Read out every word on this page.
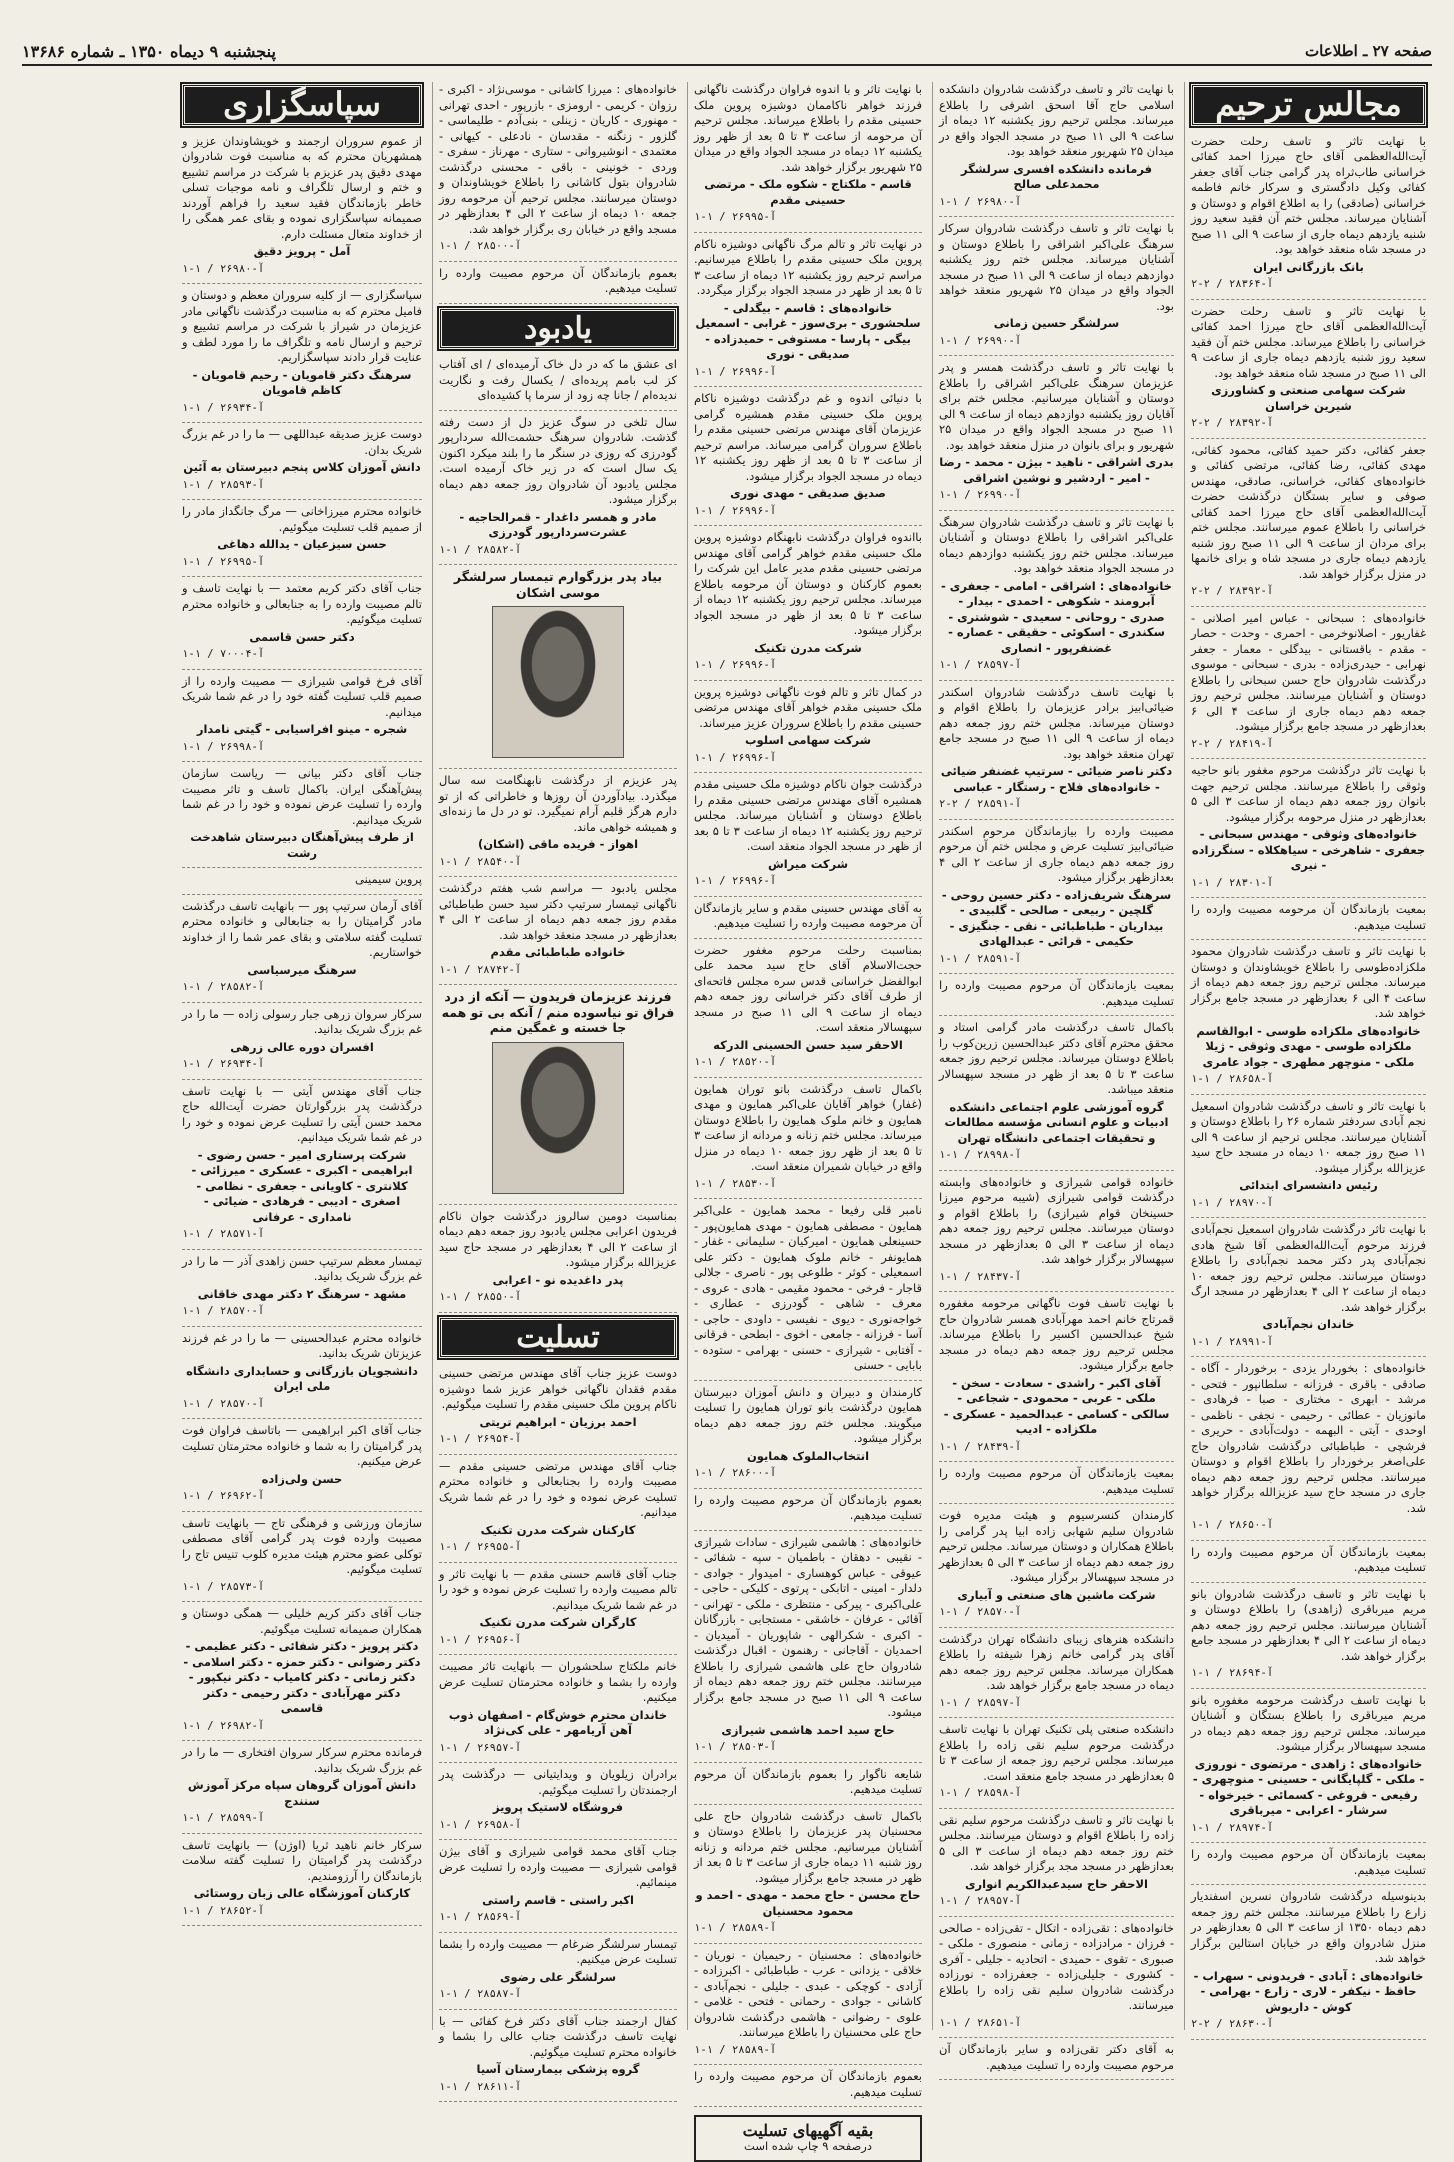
صفحه ۲۷ ـ اطلاعات
پنجشنبه ۹ دیماه ۱۳۵۰ ـ شماره ۱۳۶۸۶
مجالس ترحیم

با نهایت تاثر و تاسف رحلت حضرت آیت‌الله‌العظمی آقای حاج میرزا احمد کفائی خراسانی طاب‌ثراه پدر گرامی جناب آقای جعفر کفائی وکیل دادگستری و سرکار خانم فاطمه خراسانی (صادقی) را به اطلاع اقوام و دوستان و آشنایان میرساند. مجلس ختم آن فقید سعید روز شنبه یازدهم دیماه جاری از ساعت ۹ الی ۱۱ صبح در مسجد شاه منعقد خواهد بود.

بانک بازرگانی ایران

۲-۲ / آ-۲۸۳۶۴

با نهایت تاثر و تاسف رحلت حضرت آیت‌الله‌العظمی آقای حاج میرزا احمد کفائی خراسانی را باطلاع میرساند. مجلس ختم آن فقید سعید روز شنبه یازدهم دیماه جاری از ساعت ۹ الی ۱۱ صبح در مسجد شاه منعقد خواهد بود.

شرکت سهامی صنعتی و کشاورزی شیرین خراسان

۲-۲ / آ-۲۸۳۹۲

جعفر کفائی، دکتر حمید کفائی، محمود کفائی، مهدی کفائی، رضا کفائی، مرتضی کفائی و خانواده‌های کفائی، خراسانی، صادقی، مهندس صوفی و سایر بستگان درگذشت حضرت آیت‌الله‌العظمی آقای حاج میرزا احمد کفائی خراسانی را باطلاع عموم میرسانند. مجلس ختم برای مردان از ساعت ۹ الی ۱۱ صبح روز شنبه یازدهم دیماه جاری در مسجد شاه و برای خانمها در منزل برگزار خواهد شد.

۲-۲ / آ-۲۸۳۹۲

خانواده‌های : سبحانی - عباس امیر اصلانی - غفاریور - اصلانوخرمی - احمری - وحدت - حصار - مقدم - باقستانی - بیدگلی - معمار - جعفر نهرابی - حیدری‌زاده - بدری - سبحانی - موسوی درگذشت شادروان حاج حسن سبحانی را باطلاع دوستان و آشنایان میرسانند. مجلس ترحیم روز جمعه دهم دیماه جاری از ساعت ۴ الی ۶ بعدازظهر در مسجد جامع برگزار میشود.

۲-۲ / آ-۲۸۴۱۹

با نهایت تاثر درگذشت مرحوم مغفور بانو حاجیه وثوقی را باطلاع میرسانند. مجلس ترحیم جهت بانوان روز جمعه دهم دیماه از ساعت ۳ الی ۵ بعدازظهر در منزل مرحومه برگزار میشود.

خانواده‌های وثوقی - مهندس سبحانی - جعفری - شاهرخی - سیاهکلاه - سنگرزاده - نیری

۱-۱ / آ-۲۸۳۰۱

بمعیت بازماندگان آن مرحومه مصیبت وارده را تسلیت میدهیم.

با نهایت تاثر و تاسف درگذشت شادروان محمود ملکزاده‌طوسی را باطلاع خویشاوندان و دوستان میرساند. مجلس ترحیم روز جمعه دهم دیماه از ساعت ۴ الی ۶ بعدازظهر در مسجد جامع برگزار خواهد شد.

خانواده‌های ملکزاده طوسی - ابوالقاسم ملکزاده طوسی - مهدی وثوقی - ژیلا ملکی - منوچهر مطهری - جواد عامری

۱-۱ / آ-۲۸۶۵۸

با نهایت تاثر و تاسف درگذشت شادروان اسمعیل نجم آبادی سردفتر شماره ۲۶ را باطلاع دوستان و آشنایان میرسانند. مجلس ترحیم از ساعت ۹ الی ۱۱ صبح روز جمعه ۱۰ دیماه در مسجد حاج سید عزیزالله برگزار میشود.

رئیس دانشسرای ابتدائی

۱-۱ / آ-۲۸۹۷۰

با نهایت تاثر درگذشت شادروان اسمعیل نجم‌آبادی فرزند مرحوم آیت‌الله‌العظمی آقا شیخ هادی نجم‌آبادی پدر دکتر محمد نجم‌آبادی را باطلاع دوستان میرسانند. مجلس ترحیم روز جمعه ۱۰ دیماه از ساعت ۲ الی ۴ بعدازظهر در مسجد ارگ برگزار خواهد شد.

خاندان نجم‌آبادی

۱-۱ / آ-۲۸۹۹۱

خانواده‌های : بخوردار یزدی - برخوردار - آگاه - صادقی - باقری - فرزانه - سلطانپور - فتحی - مرشد - ابهری - مختاری - صبا - فرهادی - مانوزیان - عطائی - رحیمی - نجفی - ناظمی - اوحدی - آیتی - البهمه - دولت‌آبادی - حریری - فرشچی - طباطبائی درگذشت شادروان حاج علی‌اصغر برخوردار را باطلاع اقوام و دوستان میرسانند. مجلس ترحیم روز جمعه دهم دیماه جاری در مسجد حاج سید عزیزالله برگزار خواهد شد.

۱-۱ / آ-۲۸۶۵۰

بمعیت بازماندگان آن مرحوم مصیبت وارده را تسلیت میدهیم.

با نهایت تاثر و تاسف درگذشت شادروان بانو مریم میرباقری (زاهدی) را باطلاع دوستان و آشنایان میرسانند. مجلس ترحیم روز جمعه دهم دیماه از ساعت ۲ الی ۴ بعدازظهر در مسجد جامع برگزار خواهد شد.

۱-۱ / آ-۲۸۶۹۴

با نهایت تاسف درگذشت مرحومه مغفوره بانو مریم میرباقری را باطلاع بستگان و آشنایان میرساند. مجلس ترحیم روز جمعه دهم دیماه در مسجد سپهسالار برگزار میشود.

خانواده‌های : زاهدی - مرتضوی - نوروزی - ملکی - گلپایگانی - حسینی - منوچهری - رفیعی - فروغی - کسمائی - خیرخواه - سرشار - اعرابی - میرباقری

۱-۱ / آ-۲۸۹۷۴

بمعیت بازماندگان آن مرحوم مصیبت وارده را تسلیت میدهیم.

بدینوسیله درگذشت شادروان نسرین اسفندیار زارع را باطلاع میرسانند. مجلس ختم روز جمعه دهم دیماه ۱۳۵۰ از ساعت ۳ الی ۵ بعدازظهر در منزل شادروان واقع در خیابان استالین برگزار خواهد شد.

خانواده‌های : آبادی - فریدونی - سهراب - حافظ - نیکفر - لاری - زارع - بهرامی - کوش - داریوش

۲-۲ / آ-۲۸۶۳۰

با نهایت تاثر و تاسف درگذشت شادروان دانشکده اسلامی حاج آقا اسحق اشرفی را باطلاع میرساند. مجلس ترحیم روز یکشنبه ۱۲ دیماه از ساعت ۹ الی ۱۱ صبح در مسجد الجواد واقع در میدان ۲۵ شهریور منعقد خواهد بود.

فرمانده دانشکده افسری سرلشگر محمدعلی صالح

۱-۱ / آ-۲۶۹۸۰

با نهایت تاثر و تاسف درگذشت شادروان سرکار سرهنگ علی‌اکبر اشراقی را باطلاع دوستان و آشنایان میرساند. مجلس ختم روز یکشنبه دوازدهم دیماه از ساعت ۹ الی ۱۱ صبح در مسجد الجواد واقع در میدان ۲۵ شهریور منعقد خواهد بود.

سرلشگر حسین زمانی

۱-۱ / آ-۲۶۹۹۰

با نهایت تاثر و تاسف درگذشت همسر و پدر عزیزمان سرهنگ علی‌اکبر اشراقی را باطلاع دوستان و آشنایان میرسانیم. مجلس ختم برای آقایان روز یکشنبه دوازدهم دیماه از ساعت ۹ الی ۱۱ صبح در مسجد الجواد واقع در میدان ۲۵ شهریور و برای بانوان در منزل منعقد خواهد بود.

بدری اشراقی - ناهید - بیژن - محمد - رضا - امیر - اردشیر و نوشین اشراقی

۱-۱ / آ-۲۶۹۹۰

با نهایت تاثر و تاسف درگذشت شادروان سرهنگ علی‌اکبر اشراقی را باطلاع دوستان و آشنایان میرساند. مجلس ختم روز یکشنبه دوازدهم دیماه در مسجد الجواد منعقد خواهد بود.

خانواده‌های : اشراقی - امامی - جعفری - آبرومند - شکوهی - احمدی - بیدار - صدری - روحانی - سعیدی - شوشتری - سکندری - اسکوئی - حقیقی - عصاره - غضنفرپور - انصاری

۱-۱ / آ-۲۸۵۹۷

با نهایت تاسف درگذشت شادروان اسکندر ضیائی‌ابیز برادر عزیزمان را باطلاع اقوام و دوستان میرساند. مجلس ختم روز جمعه دهم دیماه از ساعت ۹ الی ۱۱ صبح در مسجد جامع تهران منعقد خواهد بود.

دکتر ناصر ضیائی - سرتیپ غضنفر ضیائی - خانواده‌های فلاح - رستگار - عباسی

۲-۲ / آ-۲۸۵۹۱

مصیبت وارده را بیازماندگان مرحوم اسکندر ضیائی‌ابیز تسلیت عرض و مجلس ختم آن مرحوم روز جمعه دهم دیماه جاری از ساعت ۲ الی ۴ بعدازظهر برگزار میشود.

سرهنگ شریف‌زاده - دکتر حسین روحی - گلچین - ربیعی - صالحی - گلبیدی - بیداریان - طباطبائی - نقی - جنگیزی - حکیمی - قرائی - عبدالهادی

۱-۱ / آ-۲۸۵۹۱

بمعیت بازماندگان آن مرحوم مصیبت وارده را تسلیت میدهیم.

باکمال تاسف درگذشت مادر گرامی استاد و محقق محترم آقای دکتر عبدالحسین زرین‌کوب را باطلاع دوستان میرساند. مجلس ترحیم روز جمعه ساعت ۳ تا ۵ بعد از ظهر در مسجد سپهسالار منعقد میباشد.

گروه آموزشی علوم اجتماعی دانشکده ادبیات و علوم انسانی مؤسسه مطالعات و تحقیقات اجتماعی دانشگاه تهران

۱-۱ / آ-۲۸۹۹۸

خانواده قوامی شیرازی و خانواده‌های وابسته درگذشت قوامی شیرازی (شیبه مرحوم میرزا حسینخان قوام شیرازی) را باطلاع اقوام و دوستان میرسانند. مجلس ترحیم روز جمعه دهم دیماه از ساعت ۳ الی ۵ بعدازظهر در مسجد سپهسالار برگزار خواهد شد.

۱-۱ / آ-۲۸۴۳۷

با نهایت تاسف فوت ناگهانی مرحومه مغفوره قمرتاج خانم احمد مهرآبادی همسر شادروان حاج شیخ عبدالحسین اکسیر را باطلاع میرساند. مجلس ترحیم روز جمعه دهم دیماه در مسجد جامع برگزار میشود.

آقای اکبر - راشدی - سعادت - سخن - ملکی - عربی - محمودی - شجاعی - سالکی - کسامی - عبدالحمید - عسکری - ملکزاده - ادیب

۱-۱ / آ-۲۸۴۳۹

بمعیت بازماندگان آن مرحوم مصیبت وارده را تسلیت میدهیم.

کارمندان کنسرسیوم و هیئت مدیره فوت شادروان سلیم شهابی زاده ابیا پدر گرامی را باطلاع همکاران و دوستان میرساند. مجلس ترحیم روز جمعه دهم دیماه از ساعت ۳ الی ۵ بعدازظهر در مسجد سپهسالار برگزار میشود.

شرکت ماشین های صنعتی و آبیاری

۱-۱ / آ-۲۸۵۷۰

دانشکده هنرهای زیبای دانشگاه تهران درگذشت آقای پدر گرامی خانم زهرا شیفته را باطلاع همکاران میرساند. مجلس ترحیم روز جمعه دهم دیماه در مسجد جامع برگزار خواهد شد.

۱-۱ / آ-۲۸۵۹۷

دانشکده صنعتی پلی تکنیک تهران با نهایت تاسف درگذشت مرحوم سلیم نقی زاده را باطلاع میرساند. مجلس ترحیم روز جمعه از ساعت ۳ تا ۵ بعدازظهر در مسجد جامع منعقد است.

۱-۱ / آ-۲۸۵۹۸

با نهایت تاثر و تاسف درگذشت مرحوم سلیم نقی زاده را باطلاع اقوام و دوستان میرسانند. مجلس ختم روز جمعه دهم دیماه از ساعت ۳ الی ۵ بعدازظهر در مسجد مجد برگزار خواهد شد.

الاحقر حاج سیدعبدالکریم انواری

۱-۱ / آ-۲۸۹۵۷

خانواده‌های : تقی‌زاده - اتکال - تقی‌زاده - صالحی - فرزان - مرادزاده - زمانی - منصوری - ملکی - صبوری - تقوی - حمیدی - اتحادیه - جلیلی - آفری - کشوری - جلیلی‌زاده - جعفرزاده - نورزاده درگذشت شادروان سلیم نقی زاده را باطلاع میرسانند.

۱-۱ / آ-۲۸۶۵۱

به آقای دکتر تقی‌زاده و سایر بازماندگان آن مرحوم مصیبت وارده را تسلیت میدهیم.

با نهایت تاثر و با اندوه فراوان درگذشت ناگهانی فرزند خواهر ناکاممان دوشیزه پروین ملک حسینی مقدم را باطلاع میرساند. مجلس ترحیم آن مرحومه از ساعت ۳ تا ۵ بعد از ظهر روز یکشنبه ۱۲ دیماه در مسجد الجواد واقع در میدان ۲۵ شهریور برگزار خواهد شد.

قاسم - ملکتاج - شکوه ملک - مرتضی حسینی مقدم

۱-۱ / آ-۲۶۹۹۵

در نهایت تاثر و تالم مرگ ناگهانی دوشیزه ناکام پروین ملک حسینی مقدم را باطلاع میرسانیم. مراسم ترحیم روز یکشنبه ۱۲ دیماه از ساعت ۳ تا ۵ بعد از ظهر در مسجد الجواد برگزار میگردد.

خانواده‌های : قاسم - بیگدلی - سلحشوری - بری‌سوز - غرابی - اسمعیل بیگی - پارسا - مستوفی - حمیدزاده - صدیقی - نوری

۱-۱ / آ-۲۶۹۹۶

با دنیائی اندوه و غم درگذشت دوشیزه ناکام پروین ملک حسینی مقدم همشیره گرامی عزیزمان آقای مهندس مرتضی حسینی مقدم را باطلاع سروران گرامی میرساند. مراسم ترحیم از ساعت ۳ تا ۵ بعد از ظهر روز یکشنبه ۱۲ دیماه در مسجد الجواد برگزار میشود.

صدیق صدیقی - مهدی نوری

۱-۱ / آ-۲۶۹۹۶

بااندوه فراوان درگذشت نابهنگام دوشیزه پروین ملک حسینی مقدم خواهر گرامی آقای مهندس مرتضی حسینی مقدم مدیر عامل این شرکت را بعموم کارکنان و دوستان آن مرحومه باطلاع میرساند. مجلس ترحیم روز یکشنبه ۱۲ دیماه از ساعت ۳ تا ۵ بعد از ظهر در مسجد الجواد برگزار میشود.

شرکت مدرن تکنیک

۱-۱ / آ-۲۶۹۹۶

در کمال تاثر و تالم فوت ناگهانی دوشیزه پروین ملک حسینی مقدم خواهر آقای مهندس مرتضی حسینی مقدم را باطلاع سروران عزیز میرساند.

شرکت سهامی اسلوب

۱-۱ / آ-۲۶۹۹۶

درگذشت جوان ناکام دوشیزه ملک حسینی مقدم همشیره آقای مهندس مرتضی حسینی مقدم را باطلاع دوستان و آشنایان میرساند. مجلس ترحیم روز یکشنبه ۱۲ دیماه از ساعت ۳ تا ۵ بعد از ظهر در مسجد الجواد منعقد است.

شرکت میراش

۱-۱ / آ-۲۶۹۹۶

به آقای مهندس حسینی مقدم و سایر بازماندگان آن مرحومه مصیبت وارده را تسلیت میدهیم.

بمناسبت رحلت مرحوم مغفور حضرت حجت‌الاسلام آقای حاج سید محمد علی ابوالفضل خراسانی قدس سره مجلس فاتحه‌ای از طرف آقای دکتر خراسانی روز جمعه دهم دیماه از ساعت ۹ الی ۱۱ صبح در مسجد سپهسالار منعقد است.

الاحقر سید حسن الحسینی الدرکه

۱-۱ / آ-۲۸۵۲۰

باکمال تاسف درگذشت بانو توران همایون (غفار) خواهر آقایان علی‌اکبر همایون و مهدی همایون و خانم ملوک همایون را باطلاع دوستان میرساند. مجلس ختم زنانه و مردانه از ساعت ۳ تا ۵ بعد از ظهر روز جمعه ۱۰ دیماه در منزل واقع در خیابان شمیران منعقد است.

۱-۱ / آ-۲۸۵۳۰

نامبر قلی رفیعا - محمد همایون - علی‌اکبر همایون - مصطفی همایون - مهدی همایون‌پور - حسینعلی همایون - امیرکیان - سلیمانی - غفار - همایونفر - خانم ملوک همایون - دکتر علی اسمعیلی - کوثر - طلوعی پور - ناصری - جلالی قاجار - فرخی - محمود مقیمی - هادی - عروی - معرف - شاهی - گودرزی - عطاری - خواجه‌نوری - دیوی - نفیسی - داودی - حاجی - آسا - فرزانه - جامعی - اخوی - ابطحی - فرقانی - آفتابی - شیرازی - حسنی - بهرامی - ستوده - بابایی - حسنی

کارمندان و دبیران و دانش آموزان دبیرستان همایون درگذشت بانو توران همایون را تسلیت میگویند. مجلس ختم روز جمعه دهم دیماه برگزار میشود.

انتخاب‌الملوک همایون

۱-۱ / آ-۲۸۶۰۰

بعموم بازماندگان آن مرحوم مصیبت وارده را تسلیت میدهیم.

خانواده‌های : هاشمی شیرازی - سادات شیرازی - نقیبی - دهقان - باطمیان - سپه - شفائی - عیوقی - عباس کوهساری - امیدوار - جوادی - دلدار - امینی - اتابکی - پرتوی - کلیکی - حاجی - علی‌اکبری - پیرکی - منتظری - ملکی - تهرانی - آقائی - عرفان - خاشقی - مستجابی - بازرگانان - اکبری - شکرالهی - شاپوریان - آمیدیان - احمدیان - آقاجانی - رهنمون - اقبال درگذشت شادروان حاج علی هاشمی شیرازی را باطلاع میرسانند. مجلس ختم روز جمعه دهم دیماه از ساعت ۹ الی ۱۱ صبح در مسجد جامع برگزار میشود.

حاج سید احمد هاشمی شیرازی

۱-۱ / آ-۲۸۵۰۳

شایعه ناگوار را بعموم بازماندگان آن مرحوم تسلیت میدهیم.

باکمال تاسف درگذشت شادروان حاج علی محسنیان پدر عزیزمان را باطلاع دوستان و آشنایان میرسانیم. مجلس ختم مردانه و زنانه روز شنبه ۱۱ دیماه جاری از ساعت ۳ تا ۵ بعد از ظهر در مسجد جامع برگزار میشود.

حاج محسن - حاج محمد - مهدی - احمد و محمود محسنیان

۱-۱ / آ-۲۸۵۸۹

خانواده‌های : محسنیان - رحیمیان - نوریان - خلاقی - یزدانی - عرب - طباطبائی - اکبرزاده - آزادی - کوچکی - عبدی - جلیلی - نجم‌آبادی - کاشانی - جوادی - رحمانی - فتحی - غلامی - علوی - رضوانی - هاشمی درگذشت شادروان حاج علی محسنیان را باطلاع میرسانند.

۱-۱ / آ-۲۸۵۸۹

بعموم بازماندگان آن مرحوم مصیبت وارده را تسلیت میدهیم.

بقیه آگهیهای تسلیت
درصفحه ۹ چاپ شده است

خانواده‌های : میرزا کاشانی - موسی‌نژاد - اکبری - رزوان - کریمی - ارومزی - بازرپور - احدی تهرانی - مهنوری - کاریان - زینلی - بنی‌آدم - طلیماسی - گلزور - زنگنه - مقدسان - نادعلی - کیهانی - معتمدی - انوشیروانی - ستاری - مهرناز - سفری - وردی - خونینی - باقی - محسنی درگذشت شادروان بتول کاشانی را باطلاع خویشاوندان و دوستان میرسانند. مجلس ترحیم آن مرحومه روز جمعه ۱۰ دیماه از ساعت ۲ الی ۴ بعدازظهر در مسجد واقع در خیابان ری برگزار خواهد شد.

۱-۱ / آ-۲۸۵۰۰

بعموم بازماندگان آن مرحوم مصیبت وارده را تسلیت میدهیم.

یادبود

ای عشق ما که در دل خاک آرمیده‌ای / ای آفتاب کز لب بامم پریده‌ای / یکسال رفت و نگاریت ندیده‌ام / جانا چه زود از سرما پا کشیده‌ای

سال تلخی در سوگ عزیز دل از دست رفته گذشت. شادروان سرهنگ حشمت‌الله سردارپور گودرزی که روزی در سنگر ما را بلند میکرد اکنون یک سال است که در زیر خاک آرمیده است. مجلس یادبود آن شادروان روز جمعه دهم دیماه برگزار میشود.

مادر و همسر داغدار - قمرالحاجیه - عشرت‌سردارپور گودرزی

۱-۱ / آ-۲۸۵۸۲

بیاد پدر بزرگوارم تیمسار سرلشگر موسی اشکان

پدر عزیزم از درگذشت نابهنگامت سه سال میگذرد. بیادآوردن آن روزها و خاطراتی که از تو دارم هرگز قلبم آرام نمیگیرد. تو در دل ما زنده‌ای و همیشه خواهی ماند.

اهواز - فریده ماقی (اشکان)

۱-۱ / آ-۲۸۵۴۰

مجلس یادبود — مراسم شب هفتم درگذشت ناگهانی تیمسار سرتیپ دکتر سید حسن طباطبائی مقدم روز جمعه دهم دیماه از ساعت ۲ الی ۴ بعدازظهر در مسجد منعقد خواهد شد.

خانواده طباطبائی مقدم

۱-۱ / آ-۲۸۷۴۲

فرزند عزیزمان فریدون — آنکه از درد فراق تو نیاسوده منم / آنکه بی تو همه جا خسته و غمگین منم

بمناسبت دومین سالروز درگذشت جوان ناکام فریدون اعرابی مجلس یادبود روز جمعه دهم دیماه از ساعت ۲ الی ۴ بعدازظهر در مسجد حاج سید عزیزالله برگزار میشود.

پدر داغدیده نو - اعرابی

۱-۱ / آ-۲۸۵۵۰

تسلیت

دوست عزیز جناب آقای مهندس مرتضی حسینی مقدم فقدان ناگهانی خواهر عزیز شما دوشیزه ناکام پروین ملک حسینی مقدم را تسلیت میگوئیم.

احمد برزیان - ابراهیم تریتی

۱-۱ / آ-۲۶۹۵۴

جناب آقای مهندس مرتضی حسینی مقدم — مصیبت وارده را بجنابعالی و خانواده محترم تسلیت عرض نموده و خود را در غم شما شریک میدانیم.

کارکنان شرکت مدرن تکنیک

۱-۱ / آ-۲۶۹۵۵

جناب آقای قاسم حسنی مقدم — با نهایت تاثر و تالم مصیبت وارده را تسلیت عرض نموده و خود را در غم شما شریک میدانیم.

کارگران شرکت مدرن تکنیک

۱-۱ / آ-۲۶۹۵۶

خانم ملکتاج سلحشوران — بانهایت تاثر مصیبت وارده را بشما و خانواده محترمتان تسلیت عرض میکنیم.

خاندان محترم خوش‌گام - اصفهان ذوب آهن آریامهر - علی کی‌نژاد

۱-۱ / آ-۲۶۹۵۷

برادران زیلویان و ویدایتیانی — درگذشت پدر ارجمندتان را تسلیت میگوئیم.

فروشگاه لاستیک پرویز

۱-۱ / آ-۲۶۹۵۸

جناب آقای محمد قوامی شیرازی و آقای بیژن قوامی شیرازی — مصیبت وارده را تسلیت عرض مینمائیم.

اکبر راستی - قاسم راستی

۱-۱ / آ-۲۸۵۶۹

تیمسار سرلشگر ضرغام — مصیبت وارده را بشما تسلیت عرض میکنیم.

سرلشگر علی رضوی

۱-۱ / آ-۲۸۵۸۷

کفال ارجمند جناب آقای دکتر فرخ کفائی — با نهایت تاسف درگذشت جناب عالی را بشما و خانواده محترم تسلیت میگوئیم.

گروه پزشکی بیمارستان آسیا

۱-۱ / آ-۲۸۶۱۱

سپاسگزاری

از عموم سروران ارجمند و خویشاوندان عزیز و همشهریان محترم که به مناسبت فوت شادروان مهدی دقیق پدر عزیزم با شرکت در مراسم تشییع و ختم و ارسال تلگراف و نامه موجبات تسلی خاطر بازماندگان فقید سعید را فراهم آوردند صمیمانه سپاسگزاری نموده و بقای عمر همگی را از خداوند متعال مسئلت دارم.

آمل - پرویز دقیق

۱-۱ / آ-۲۶۹۸۰

سپاسگزاری — از کلیه سروران معظم و دوستان و فامیل محترم که به مناسبت درگذشت ناگهانی مادر عزیزمان در شیراز با شرکت در مراسم تشییع و ترحیم و ارسال نامه و تلگراف ما را مورد لطف و عنایت قرار دادند سپاسگزاریم.

سرهنگ دکتر قامویان - رحیم قامویان - کاظم قامویان

۱-۱ / آ-۲۶۹۳۴

دوست عزیز صدیقه عبداللهی — ما را در غم بزرگ شریک بدان.

دانش آموزان کلاس پنجم دبیرستان به آئین

۱-۱ / آ-۲۸۵۹۳

خانواده محترم میرزاخانی — مرگ جانگداز مادر را از صمیم قلب تسلیت میگوئیم.

حسن سیزعیان - یدالله دهاغی

۱-۱ / آ-۲۶۹۹۵

جناب آقای دکتر کریم معتمد — با نهایت تاسف و تالم مصیبت وارده را به جنابعالی و خانواده محترم تسلیت میگوئیم.

دکتر حسن قاسمی

۱-۱ / آ-۷۰۰۰۴

آقای فرخ قوامی شیرازی — مصیبت وارده را از صمیم قلب تسلیت گفته خود را در غم شما شریک میدانیم.

شجره - مینو افراسیابی - گیتی نامدار

۱-۱ / آ-۲۶۹۹۸

جناب آقای دکتر بیانی — ریاست سازمان پیش‌آهنگی ایران. باکمال تاسف و تاثر مصیبت وارده را تسلیت عرض نموده و خود را در غم شما شریک میدانیم.

از طرف پیش‌آهنگان دبیرستان شاهدخت رشت

پروین سیمینی

آقای آرمان سرتیپ پور — بانهایت تاسف درگذشت مادر گرامیتان را به جنابعالی و خانواده محترم تسلیت گفته سلامتی و بقای عمر شما را از خداوند خواستاریم.

سرهنگ میرسیاسی

۱-۱ / آ-۲۸۵۸۲

سرکار سروان زرهی جبار رسولی زاده — ما را در غم بزرگ شریک بدانید.

افسران دوره عالی زرهی

۱-۱ / آ-۲۶۹۳۴

جناب آقای مهندس آیتی — با نهایت تاسف درگذشت پدر بزرگوارتان حضرت آیت‌الله حاج محمد حسن آیتی را تسلیت عرض نموده و خود را در غم شما شریک میدانیم.

شرکت پرستاری امیر - حسن رضوی - ابراهیمی - اکبری - عسکری - میرزائی - کلانتری - کاویانی - جعفری - نظامی - اصغری - ادیبی - فرهادی - ضیائی - نامداری - عرفانی

۱-۱ / آ-۲۸۵۷۱

تیمسار معظم سرتیپ حسن زاهدی آذر — ما را در غم بزرگ شریک بدانید.

مشهد - سرهنگ ۲ دکتر مهدی خاقانی

۱-۱ / آ-۲۸۵۷۰

خانواده محترم عبدالحسینی — ما را در غم فرزند عزیزتان شریک بدانید.

دانشجویان بازرگانی و حسابداری دانشگاه ملی ایران

۱-۱ / آ-۲۸۵۷۰

جناب آقای اکبر ابراهیمی — باتاسف فراوان فوت پدر گرامیتان را به شما و خانواده محترمتان تسلیت عرض میکنیم.

حسن ولی‌زاده

۱-۱ / آ-۲۶۹۶۲

سازمان ورزشی و فرهنگی تاج — بانهایت تاسف مصیبت وارده فوت پدر گرامی آقای مصطفی توکلی عضو محترم هیئت مدیره کلوب تنیس تاج را تسلیت میگوئیم.

۱-۱ / آ-۲۸۵۷۳

جناب آقای دکتر کریم خلیلی — همگی دوستان و همکاران صمیمانه تسلیت میگوئیم.

دکتر پرویز - دکتر شفائی - دکتر عظیمی - دکتر رضوانی - دکتر حمزه - دکتر اسلامی - دکتر زمانی - دکتر کامیاب - دکتر نیکپور - دکتر مهرآبادی - دکتر رحیمی - دکتر قاسمی

۱-۱ / آ-۲۶۹۸۲

فرمانده محترم سرکار سروان افتخاری — ما را در غم بزرگ شریک بدانید.

دانش آموزان گروهان سپاه مرکز آموزش سنندج

۱-۱ / آ-۲۸۵۹۹

سرکار خانم ناهید ثریا (اوژن) — بانهایت تاسف درگذشت پدر گرامیتان را تسلیت گفته سلامت بازماندگان را آرزومندیم.

کارکنان آموزشگاه عالی زبان روستائی

۱-۱ / آ-۲۸۶۵۲
